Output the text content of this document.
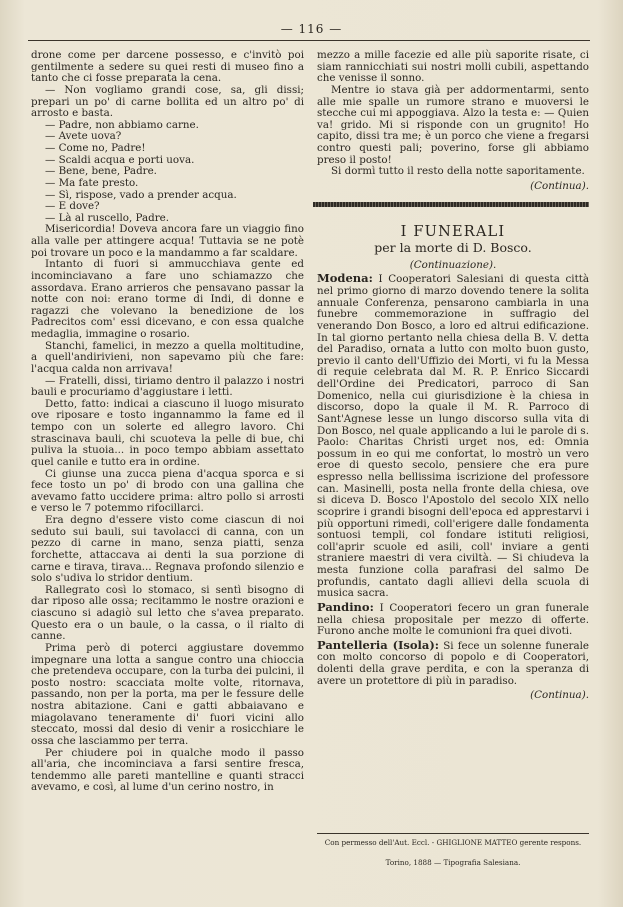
— 116 —

drone come per darcene possesso, e c'invitò poi gentilmente a sedere su quei resti di museo fino a tanto che ci fosse preparata la cena.

— Non vogliamo grandi cose, sa, gli dissi; prepari un po' di carne bollita ed un altro po' di arrosto e basta.

— Padre, non abbiamo carne.

— Avete uova?

— Come no, Padre!

— Scaldi acqua e porti uova.

— Bene, bene, Padre.

— Ma fate presto.

— Sì, rispose, vado a prender acqua.

— E dove?

— Là al ruscello, Padre.

Misericordia! Doveva ancora fare un viaggio fino alla valle per attingere acqua! Tuttavia se ne potè poi trovare un poco e la mandammo a far scaldare.

Intanto di fuori si ammucchiava gente ed incominciavano a fare uno schiamazzo che assordava. Erano arrieros che pensavano passar la notte con noi: erano torme di Indi, di donne e ragazzi che volevano la benedizione de los Padrecitos com' essi dicevano, e con essa qualche medaglia, immagine o rosario.

Stanchi, famelici, in mezzo a quella moltitudine, a quell'andirivieni, non sapevamo più che fare: l'acqua calda non arrivava!

— Fratelli, dissi, tiriamo dentro il palazzo i nostri bauli e procuriamo d'aggiustare i letti.

Detto, fatto: indicai a ciascuno il luogo misurato ove riposare e tosto ingannammo la fame ed il tempo con un solerte ed allegro lavoro. Chi strascinava bauli, chi scuoteva la pelle di bue, chi puliva la stuoia... in poco tempo abbiam assettato quel canile e tutto era in ordine.

Ci giunse una zucca piena d'acqua sporca e si fece tosto un po' di brodo con una gallina che avevamo fatto uccidere prima: altro pollo si arrosti e verso le 7 potemmo rifocillarci.

Era degno d'essere visto come ciascun di noi seduto sui bauli, sui tavolacci di canna, con un pezzo di carne in mano, senza piatti, senza forchette, attaccava ai denti la sua porzione di carne e tirava, tirava... Regnava profondo silenzio e solo s'udiva lo stridor dentium.

Rallegrato così lo stomaco, si sentì bisogno di dar riposo alle ossa; recitammo le nostre orazioni e ciascuno si adagiò sul letto che s'avea preparato. Questo era o un baule, o la cassa, o il rialto di canne.

Prima però di poterci aggiustare dovemmo impegnare una lotta a sangue contro una chioccia che pretendeva occupare, con la turba dei pulcini, il posto nostro: scacciata molte volte, ritornava, passando, non per la porta, ma per le fessure delle nostra abitazione. Cani e gatti abbaiavano e miagolavano teneramente di' fuori vicini allo steccato, mossi dal desio di venir a rosicchiare le ossa che lasciammo per terra.

Per chiudere poi in qualche modo il passo all'aria, che incominciava a farsi sentire fresca, tendemmo alle pareti mantelline e quanti stracci avevamo, e così, al lume d'un cerino nostro, in

mezzo a mille facezie ed alle più saporite risate, ci siam rannicchiati sui nostri molli cubili, aspettando che venisse il sonno.

Mentre io stava già per addormentarmi, sento alle mie spalle un rumore strano e muoversi le stecche cui mi appoggiava. Alzo la testa e: — Quien va! grido. Mi si risponde con un grugnito! Ho capito, dissi tra me; è un porco che viene a fregarsi contro questi pali; poverino, forse gli abbiamo preso il posto!

Si dormì tutto il resto della notte saporitamente.

(Continua).

I FUNERALI

per la morte di D. Bosco.

(Continuazione).

Modena: I Cooperatori Salesiani di questa città nel primo giorno di marzo dovendo tenere la solita annuale Conferenza, pensarono cambiarla in una funebre commemorazione in suffragio del venerando Don Bosco, a loro ed altrui edificazione. In tal giorno pertanto nella chiesa della B. V. detta del Paradiso, ornata a lutto con molto buon gusto, previo il canto dell'Uffizio dei Morti, vi fu la Messa di requie celebrata dal M. R. P. Enrico Siccardi dell'Ordine dei Predicatori, parroco di San Domenico, nella cui giurisdizione è la chiesa in discorso, dopo la quale il M. R. Parroco di Sant'Agnese lesse un lungo discorso sulla vita di Don Bosco, nel quale applicando a lui le parole di s. Paolo: Charitas Christi urget nos, ed: Omnia possum in eo qui me confortat, lo mostrò un vero eroe di questo secolo, pensiere che era pure espresso nella bellissima iscrizione del professore can. Masinelli, posta nella fronte della chiesa, ove si diceva D. Bosco l'Apostolo del secolo XIX nello scoprire i grandi bisogni dell'epoca ed apprestarvi i più opportuni rimedi, coll'erigere dalle fondamenta sontuosi templi, col fondare istituti religiosi, coll'aprir scuole ed asili, coll' inviare a genti straniere maestri di vera civiltà. — Si chiudeva la mesta funzione colla parafrasi del salmo De profundis, cantato dagli allievi della scuola di musica sacra.

Pandino: I Cooperatori fecero un gran funerale nella chiesa propositale per mezzo di offerte. Furono anche molte le comunioni fra quei divoti.

Pantelleria (Isola): Si fece un solenne funerale con molto concorso di popolo e di Cooperatori, dolenti della grave perdita, e con la speranza di avere un protettore di più in paradiso.

(Continua).

Con permesso dell'Aut. Eccl. - GHIGLIONE MATTEO gerente respons.
Torino, 1888 — Tipografia Salesiana.
